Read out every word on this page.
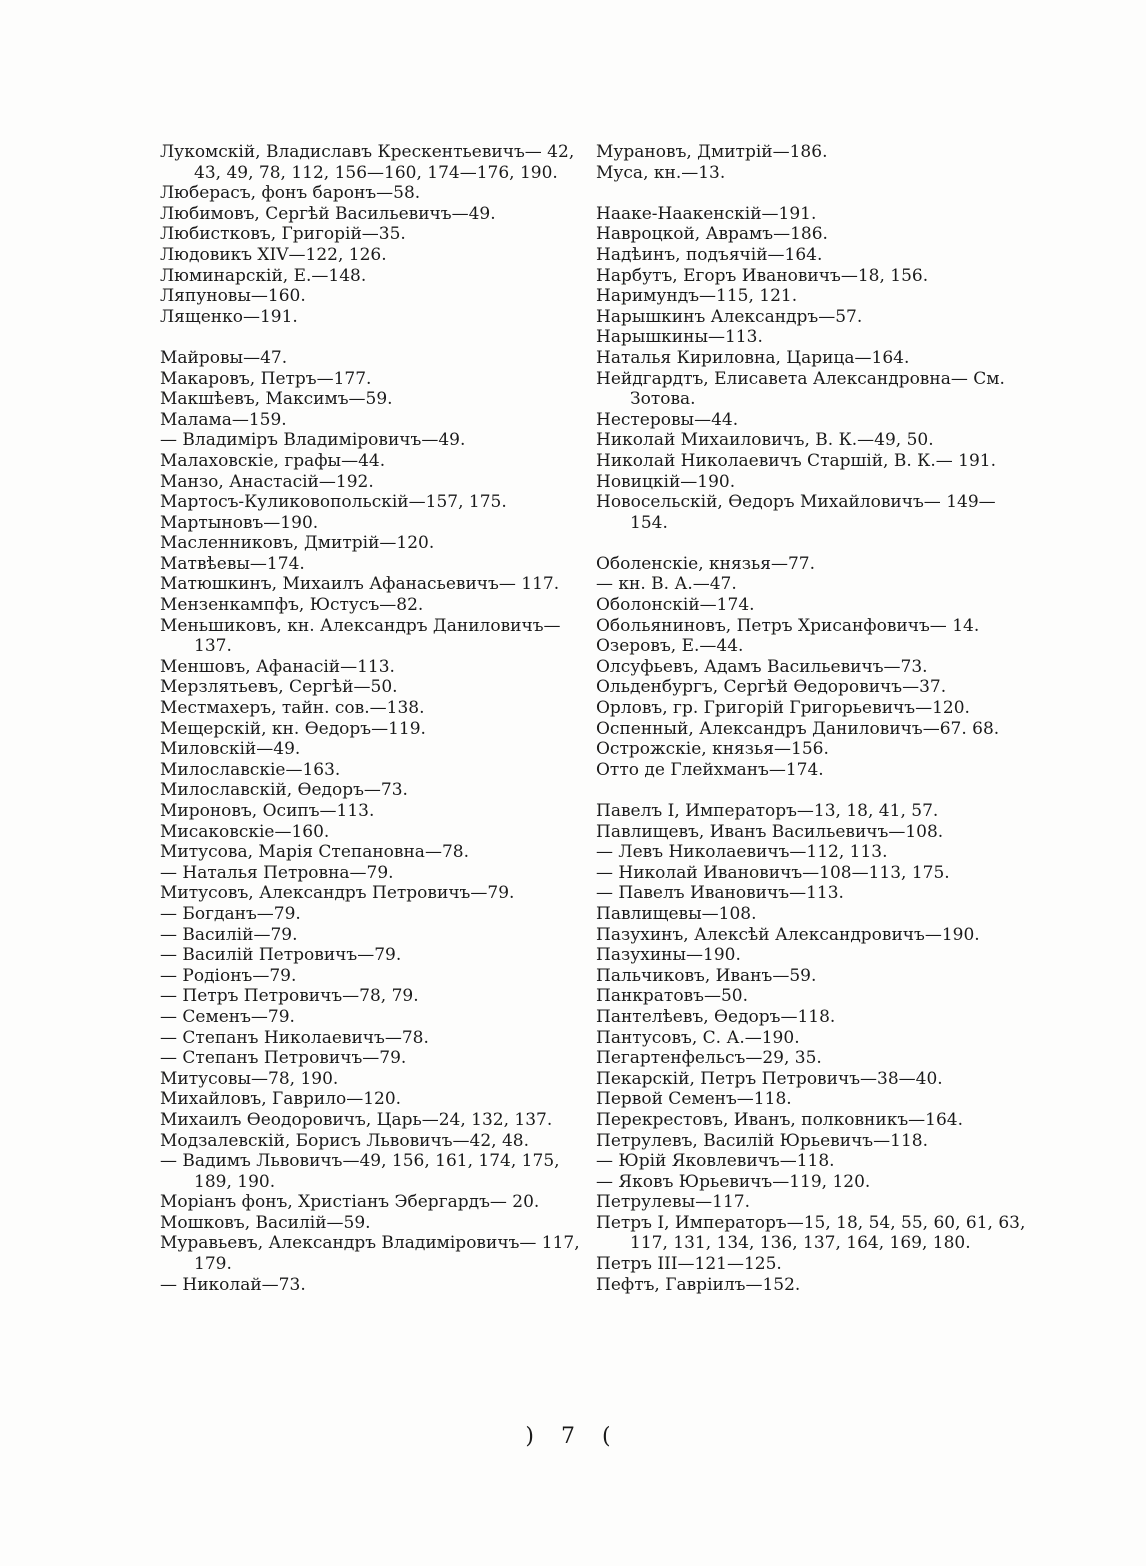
Лукомскій, Владиславъ Крескентьевичъ— 42, 43, 49, 78, 112, 156—160, 174—176, 190.

Люберасъ, фонъ баронъ—58.

Любимовъ, Сергѣй Васильевичъ—49.

Любистковъ, Григорій—35.

Людовикъ XIV—122, 126.

Люминарскій, Е.—148.

Ляпуновы—160.

Лященко—191.

Майровы—47.

Макаровъ, Петръ—177.

Макшѣевъ, Максимъ—59.

Малама—159.

— Владиміръ Владиміровичъ—49.

Малаховскіе, графы—44.

Манзо, Анастасій—192.

Мартосъ-Куликовопольскій—157, 175.

Мартыновъ—190.

Масленниковъ, Дмитрій—120.

Матвѣевы—174.

Матюшкинъ, Михаилъ Афанасьевичъ— 117.

Мензенкампфъ, Юстусъ—82.

Меньшиковъ, кн. Александръ Даниловичъ—137.

Меншовъ, Афанасій—113.

Мерзлятьевъ, Сергѣй—50.

Местмахеръ, тайн. сов.—138.

Мещерскій, кн. Өедоръ—119.

Миловскій—49.

Милославскіе—163.

Милославскій, Өедоръ—73.

Мироновъ, Осипъ—113.

Мисаковскіе—160.

Митусова, Марія Степановна—78.

— Наталья Петровна—79.

Митусовъ, Александръ Петровичъ—79.

— Богданъ—79.

— Василій—79.

— Василій Петровичъ—79.

— Родіонъ—79.

— Петръ Петровичъ—78, 79.

— Семенъ—79.

— Степанъ Николаевичъ—78.

— Степанъ Петровичъ—79.

Митусовы—78, 190.

Михайловъ, Гаврило—120.

Михаилъ Өеодоровичъ, Царь—24, 132, 137.

Модзалевскій, Борисъ Львовичъ—42, 48.

— Вадимъ Львовичъ—49, 156, 161, 174, 175, 189, 190.

Моріанъ фонъ, Христіанъ Эбергардъ— 20.

Мошковъ, Василій—59.

Муравьевъ, Александръ Владиміровичъ— 117, 179.

— Николай—73.

Мурановъ, Дмитрій—186.

Муса, кн.—13.

Нааке-Наакенскій—191.

Навроцкой, Аврамъ—186.

Надѣинъ, подъячій—164.

Нарбутъ, Егоръ Ивановичъ—18, 156.

Наримундъ—115, 121.

Нарышкинъ Александръ—57.

Нарышкины—113.

Наталья Кириловна, Царица—164.

Нейдгардтъ, Елисавета Александровна— См. Зотова.

Нестеровы—44.

Николай Михаиловичъ, В. К.—49, 50.

Николай Николаевичъ Старшій, В. К.— 191.

Новицкій—190.

Новосельскій, Өедоръ Михайловичъ— 149—154.

Оболенскіе, князья—77.

— кн. В. А.—47.

Оболонскій—174.

Обольяниновъ, Петръ Хрисанфовичъ— 14.

Озеровъ, Е.—44.

Олсуфьевъ, Адамъ Васильевичъ—73.

Ольденбургъ, Сергѣй Өедоровичъ—37.

Орловъ, гр. Григорій Григорьевичъ—120.

Оспенный, Александръ Даниловичъ—67. 68.

Острожскіе, князья—156.

Отто де Глейхманъ—174.

Павелъ I, Императоръ—13, 18, 41, 57.

Павлищевъ, Иванъ Васильевичъ—108.

— Левъ Николаевичъ—112, 113.

— Николай Ивановичъ—108—113, 175.

— Павелъ Ивановичъ—113.

Павлищевы—108.

Пазухинъ, Алексѣй Александровичъ—190.

Пазухины—190.

Пальчиковъ, Иванъ—59.

Панкратовъ—50.

Пантелѣевъ, Өедоръ—118.

Пантусовъ, С. А.—190.

Пегартенфельсъ—29, 35.

Пекарскій, Петръ Петровичъ—38—40.

Первой Семенъ—118.

Перекрестовъ, Иванъ, полковникъ—164.

Петрулевъ, Василій Юрьевичъ—118.

— Юрій Яковлевичъ—118.

— Яковъ Юрьевичъ—119, 120.

Петрулевы—117.

Петръ I, Императоръ—15, 18, 54, 55, 60, 61, 63, 117, 131, 134, 136, 137, 164, 169, 180.

Петръ III—121—125.

Пефтъ, Гавріилъ—152.

) 7 (
